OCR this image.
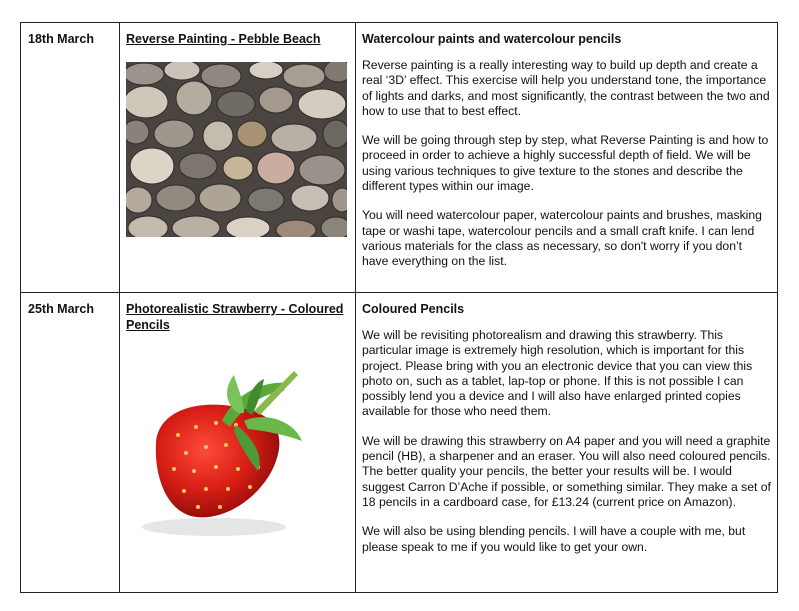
18th March	Reverse Painting - Pebble Beach	Watercolour paints and watercolour pencils

Reverse painting is a really interesting way to build up depth and create a real ‘3D’ effect. This exercise will help you understand tone, the importance of lights and darks, and most significantly, the contrast between the two and how to use that to best effect.

We will be going through step by step, what Reverse Painting is and how to proceed in order to achieve a highly successful depth of field. We will be using various techniques to give texture to the stones and describe the different types within our image.

You will need watercolour paper, watercolour paints and brushes, masking tape or washi tape, watercolour pencils and a small craft knife. I can lend various materials for the class as necessary, so don't worry if you don’t have everything on the list.

25th March	Photorealistic Strawberry - Coloured Pencils	Coloured Pencils

We will be revisiting photorealism and drawing this strawberry. This particular image is extremely high resolution, which is important for this project. Please bring with you an electronic device that you can view this photo on, such as a tablet, lap-top or phone. If this is not possible I can possibly lend you a device and I will also have enlarged printed copies available for those who need them.

We will be drawing this strawberry on A4 paper and you will need a graphite pencil (HB), a sharpener and an eraser. You will also need coloured pencils. The better quality your pencils, the better your results will be. I would suggest Carron D’Ache if possible, or something similar. They make a set of 18 pencils in a cardboard case, for £13.24 (current price on Amazon).

We will also be using blending pencils. I will have a couple with me, but please speak to me if you would like to get your own.
